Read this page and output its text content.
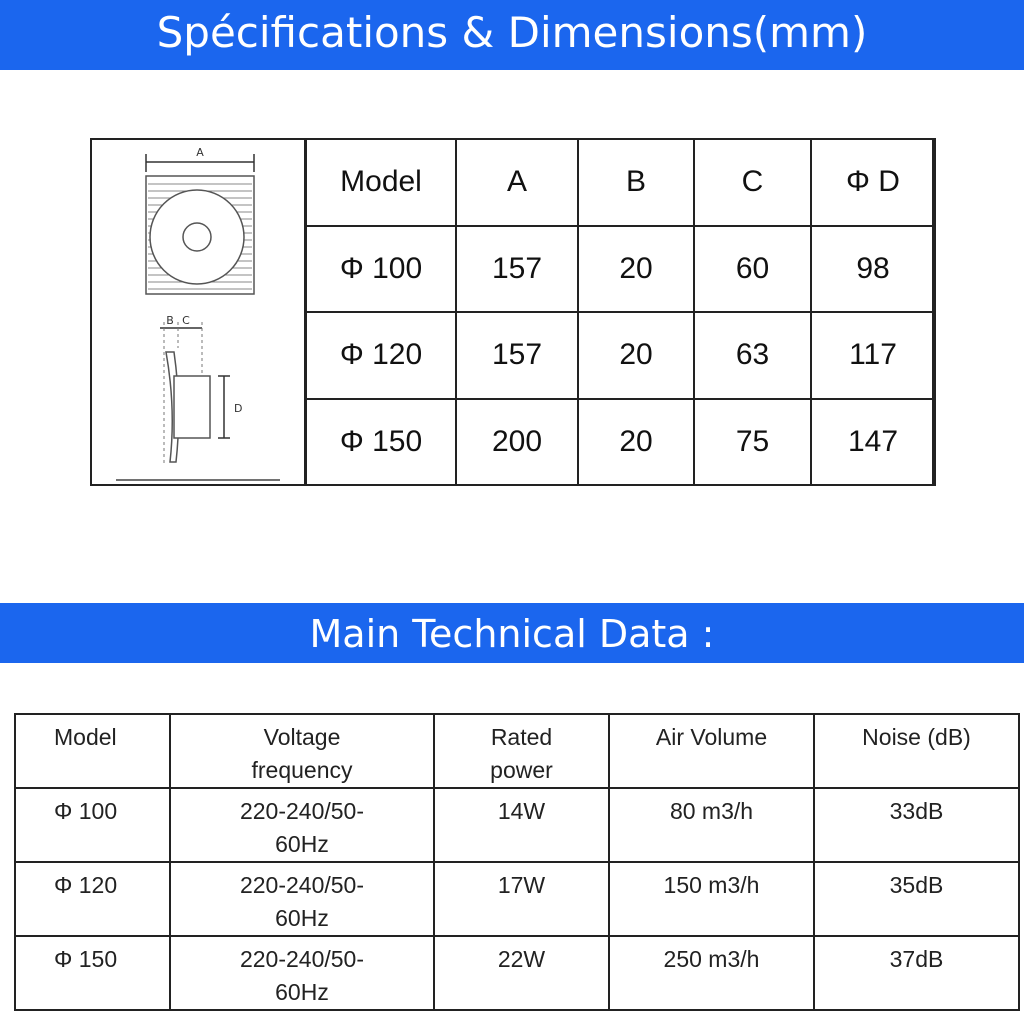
Spécifications & Dimensions(mm)
A
B C
D
Model	A	B	C	Φ D
Φ 100	157	20	60	98
Φ 120	157	20	63	117
Φ 150	200	20	75	147
Main Technical Data :
Model	Voltage frequency	Rated power	Air Volume	Noise (dB)
Φ 100	220-240/50-60Hz	14W	80 m3/h	33dB
Φ 120	220-240/50-60Hz	17W	150 m3/h	35dB
Φ 150	220-240/50-60Hz	22W	250 m3/h	37dB
